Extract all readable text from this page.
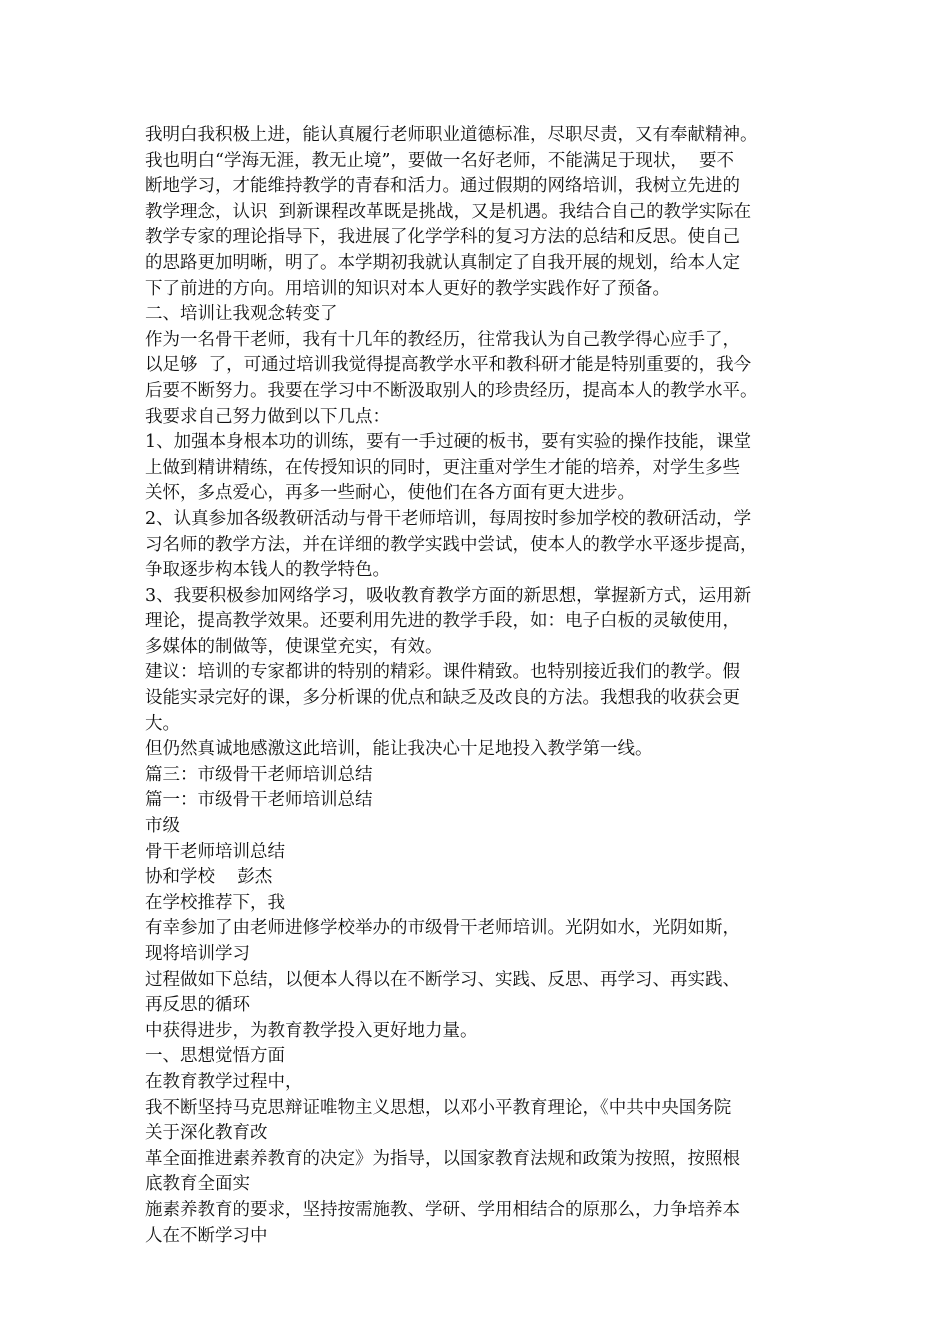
我明白我积极上进，能认真履行老师职业道德标准，尽职尽责，又有奉献精神。
我也明白“学海无涯，教无止境”，要做一名好老师，不能满足于现状，  要不
断地学习，才能维持教学的青春和活力。通过假期的网络培训，我树立先进的
教学理念，认识  到新课程改革既是挑战，又是机遇。我结合自己的教学实际在
教学专家的理论指导下，我进展了化学学科的复习方法的总结和反思。使自己
的思路更加明晰，明了。本学期初我就认真制定了自我开展的规划，给本人定
下了前进的方向。用培训的知识对本人更好的教学实践作好了预备。
二、培训让我观念转变了
作为一名骨干老师，我有十几年的教经历，往常我认为自己教学得心应手了，
以足够  了，可通过培训我觉得提高教学水平和教科研才能是特别重要的，我今
后要不断努力。我要在学习中不断汲取别人的珍贵经历，提高本人的教学水平。
我要求自己努力做到以下几点：
1、加强本身根本功的训练，要有一手过硬的板书，要有实验的操作技能，课堂
上做到精讲精练，在传授知识的同时，更注重对学生才能的培养，对学生多些
关怀，多点爱心，再多一些耐心，使他们在各方面有更大进步。
2、认真参加各级教研活动与骨干老师培训，每周按时参加学校的教研活动，学
习名师的教学方法，并在详细的教学实践中尝试，使本人的教学水平逐步提高，
争取逐步构本钱人的教学特色。
3、我要积极参加网络学习，吸收教育教学方面的新思想，掌握新方式，运用新
理论，提高教学效果。还要利用先进的教学手段，如：电子白板的灵敏使用，
多媒体的制做等，使课堂充实，有效。
建议：培训的专家都讲的特别的精彩。课件精致。也特别接近我们的教学。假
设能实录完好的课，多分析课的优点和缺乏及改良的方法。我想我的收获会更
大。
但仍然真诚地感激这此培训，能让我决心十足地投入教学第一线。
篇三：市级骨干老师培训总结
篇一：市级骨干老师培训总结
市级
骨干老师培训总结
协和学校    彭杰
在学校推荐下，我
有幸参加了由老师进修学校举办的市级骨干老师培训。光阴如水，光阴如斯，
现将培训学习
过程做如下总结，以便本人得以在不断学习、实践、反思、再学习、再实践、
再反思的循环
中获得进步，为教育教学投入更好地力量。
一、思想觉悟方面
在教育教学过程中，
我不断坚持马克思辩证唯物主义思想，以邓小平教育理论，《中共中央国务院
关于深化教育改
革全面推进素养教育的决定》为指导，以国家教育法规和政策为按照，按照根
底教育全面实
施素养教育的要求，坚持按需施教、学研、学用相结合的原那么，力争培养本
人在不断学习中
